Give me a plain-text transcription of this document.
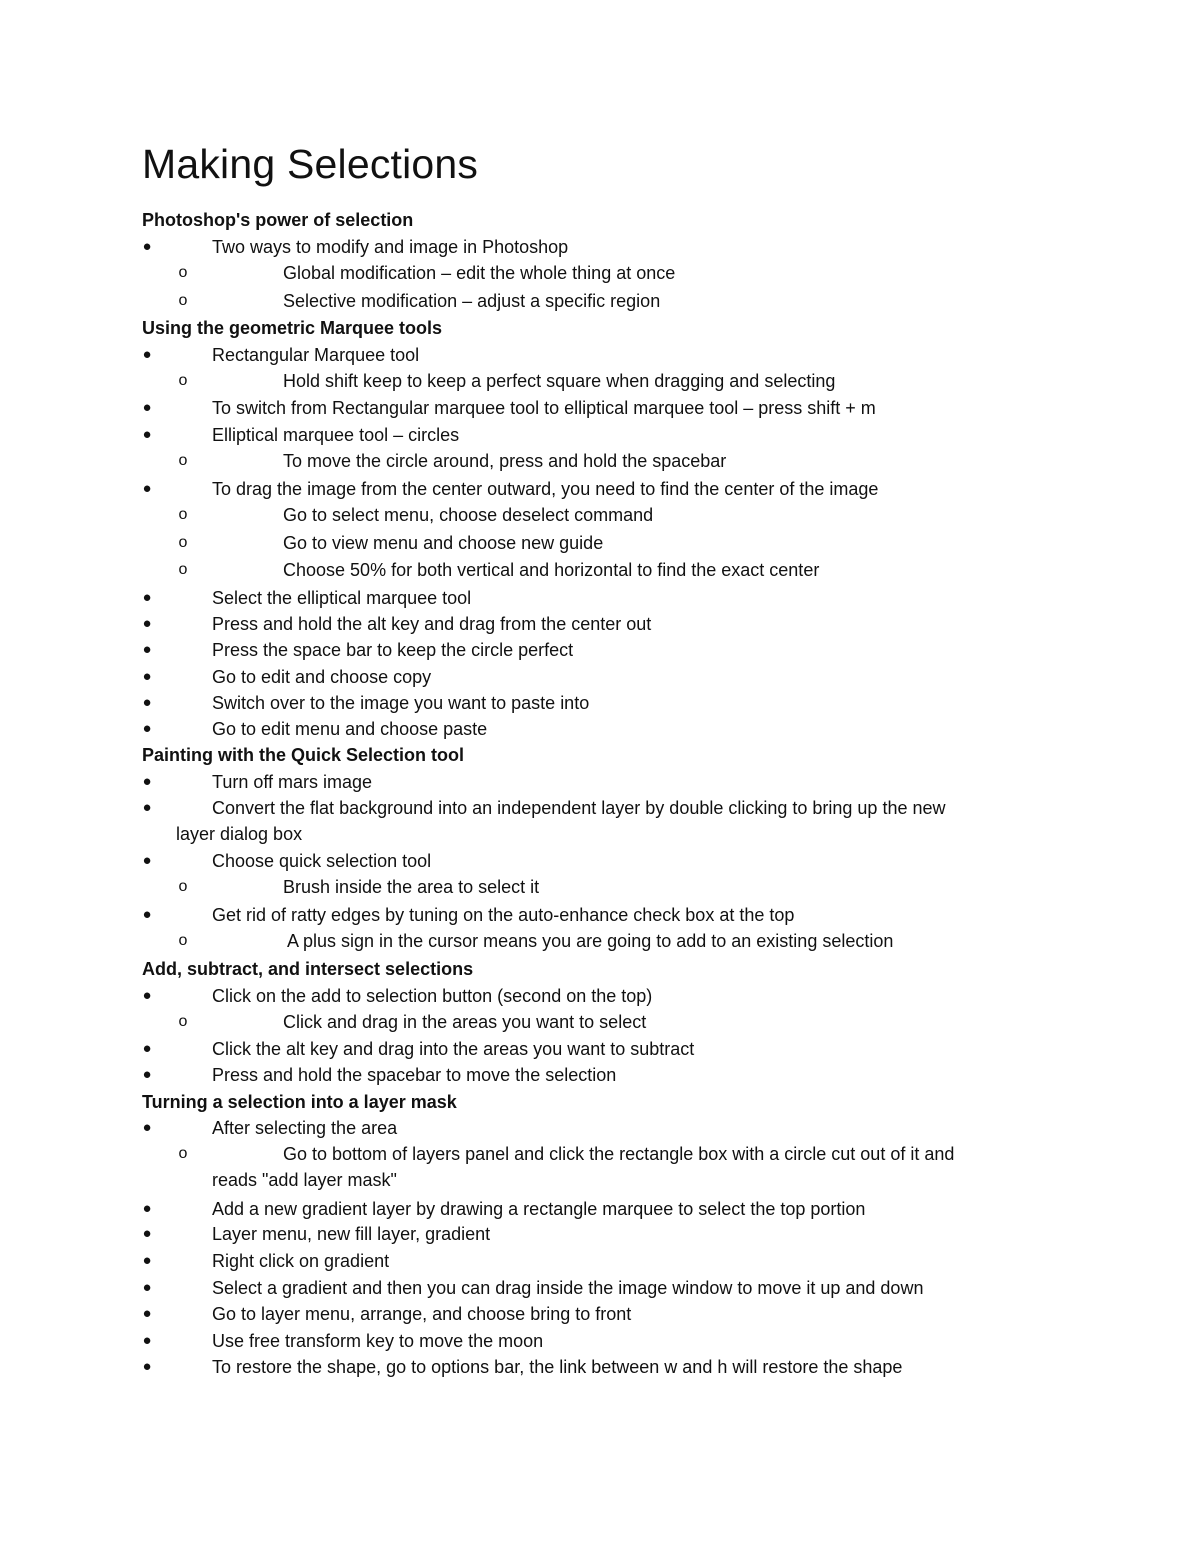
Making Selections
Photoshop's power of selection
●	Two ways to modify and image in Photoshop
o	Global modification – edit the whole thing at once
o	Selective modification – adjust a specific region
Using the geometric Marquee tools
●	Rectangular Marquee tool
o	Hold shift keep to keep a perfect square when dragging and selecting
●	To switch from Rectangular marquee tool to elliptical marquee tool – press shift + m
●	Elliptical marquee tool – circles
o	To move the circle around, press and hold the spacebar
●	To drag the image from the center outward, you need to find the center of the image
o	Go to select menu, choose deselect command
o	Go to view menu and choose new guide
o	Choose 50% for both vertical and horizontal to find the exact center
●	Select the elliptical marquee tool
●	Press and hold the alt key and drag from the center out
●	Press the space bar to keep the circle perfect
●	Go to edit and choose copy
●	Switch over to the image you want to paste into
●	Go to edit menu and choose paste
Painting with the Quick Selection tool
●	Turn off mars image
●	Convert the flat background into an independent layer by double clicking to bring up the new
layer dialog box
●	Choose quick selection tool
o	Brush inside the area to select it
●	Get rid of ratty edges by tuning on the auto-enhance check box at the top
o	A plus sign in the cursor means you are going to add to an existing selection
Add, subtract, and intersect selections
●	Click on the add to selection button (second on the top)
o	Click and drag in the areas you want to select
●	Click the alt key and drag into the areas you want to subtract
●	Press and hold the spacebar to move the selection
Turning a selection into a layer mask
●	After selecting the area
o	Go to bottom of layers panel and click the rectangle box with a circle cut out of it and
reads "add layer mask"
●	Add a new gradient layer by drawing a rectangle marquee to select the top portion
●	Layer menu, new fill layer, gradient
●	Right click on gradient
●	Select a gradient and then you can drag inside the image window to move it up and down
●	Go to layer menu, arrange, and choose bring to front
●	Use free transform key to move the moon
●	To restore the shape, go to options bar, the link between w and h will restore the shape
